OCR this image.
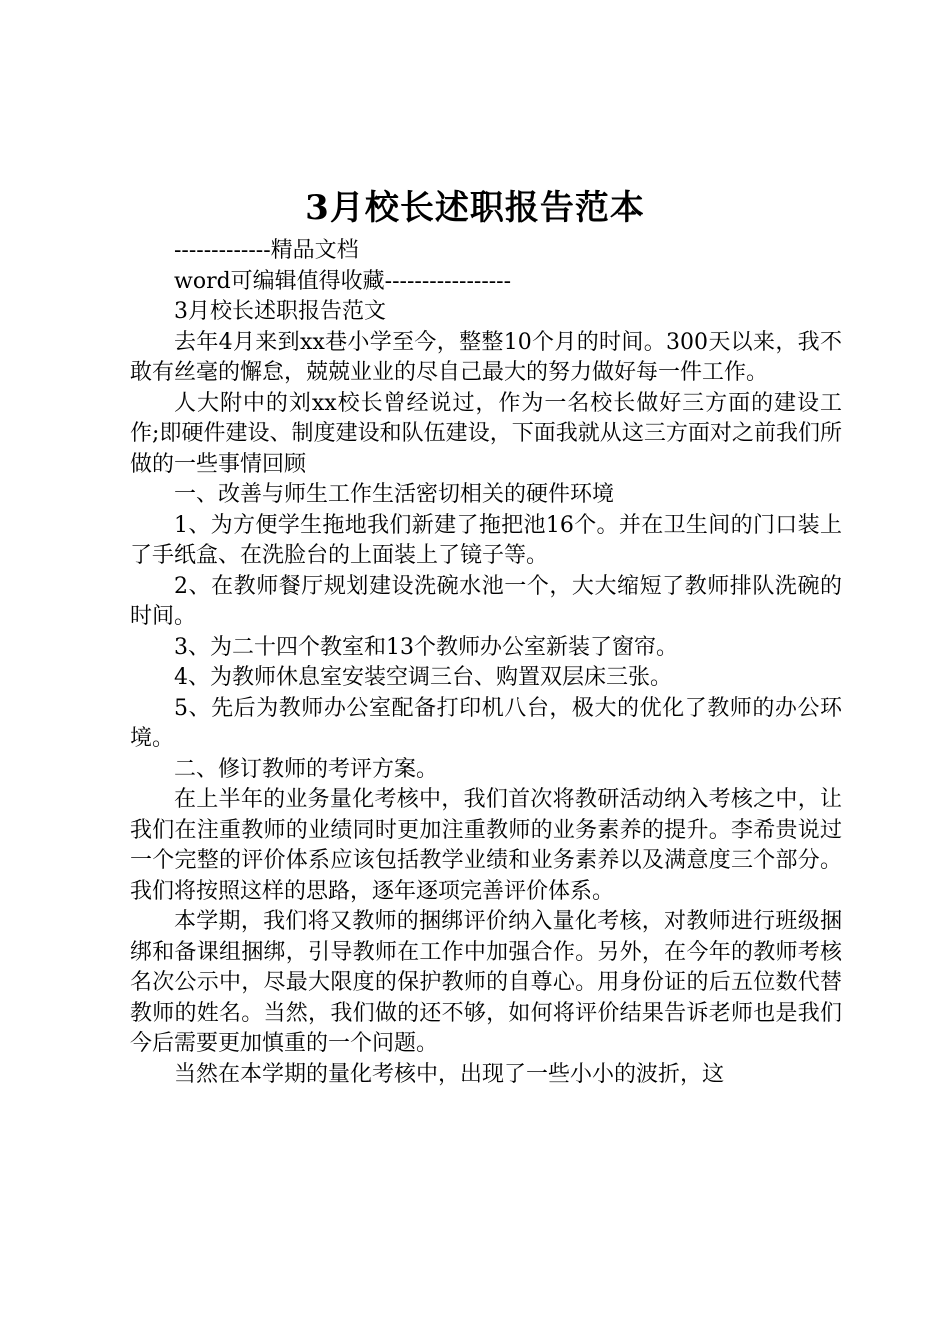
3月校长述职报告范本

-------------精品文档

word可编辑值得收藏-----------------

3月校长述职报告范文

去年4月来到xx巷小学至今，整整10个月的时间。300天以来，我不敢有丝毫的懈怠，兢兢业业的尽自己最大的努力做好每一件工作。

人大附中的刘xx校长曾经说过，作为一名校长做好三方面的建设工作;即硬件建设、制度建设和队伍建设，下面我就从这三方面对之前我们所做的一些事情回顾

一、改善与师生工作生活密切相关的硬件环境

1、为方便学生拖地我们新建了拖把池16个。并在卫生间的门口装上了手纸盒、在洗脸台的上面装上了镜子等。

2、在教师餐厅规划建设洗碗水池一个，大大缩短了教师排队洗碗的时间。

3、为二十四个教室和13个教师办公室新装了窗帘。

4、为教师休息室安装空调三台、购置双层床三张。

5、先后为教师办公室配备打印机八台，极大的优化了教师的办公环境。

二、修订教师的考评方案。

在上半年的业务量化考核中，我们首次将教研活动纳入考核之中，让我们在注重教师的业绩同时更加注重教师的业务素养的提升。李希贵说过一个完整的评价体系应该包括教学业绩和业务素养以及满意度三个部分。我们将按照这样的思路，逐年逐项完善评价体系。

本学期，我们将又教师的捆绑评价纳入量化考核，对教师进行班级捆绑和备课组捆绑，引导教师在工作中加强合作。另外，在今年的教师考核名次公示中，尽最大限度的保护教师的自尊心。用身份证的后五位数代替教师的姓名。当然，我们做的还不够，如何将评价结果告诉老师也是我们今后需要更加慎重的一个问题。

当然在本学期的量化考核中，出现了一些小小的波折，这
